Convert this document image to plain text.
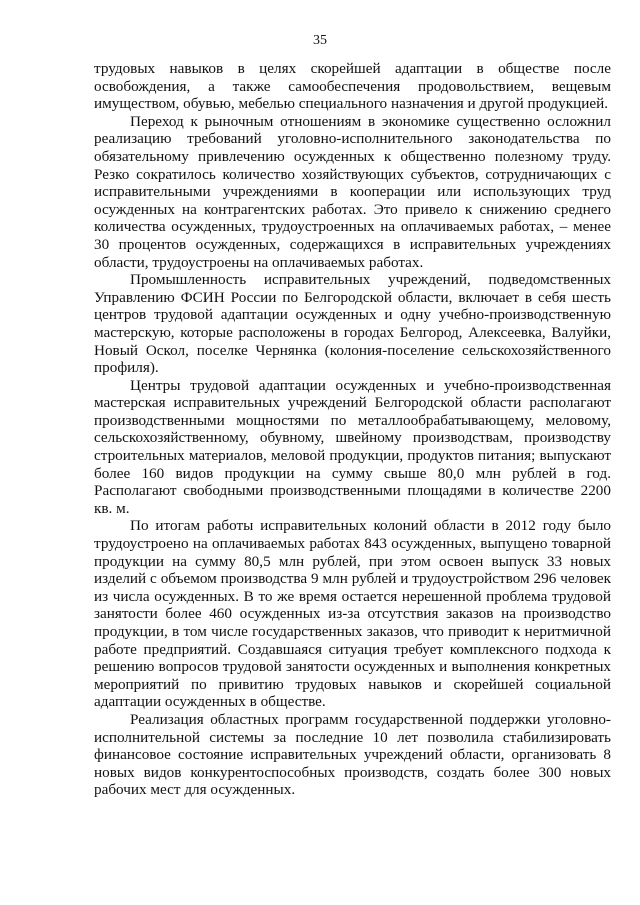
35

трудовых навыков в целях скорейшей адаптации в обществе после освобождения, а также самообеспечения продовольствием, вещевым имуществом, обувью, мебелью специального назначения и другой продукцией.

Переход к рыночным отношениям в экономике существенно осложнил реализацию требований уголовно-исполнительного законодательства по обязательному привлечению осужденных к общественно полезному труду. Резко сократилось количество хозяйствующих субъектов, сотрудничающих с исправительными учреждениями в кооперации или использующих труд осужденных на контрагентских работах. Это привело к снижению среднего количества осужденных, трудоустроенных на оплачиваемых работах, – менее 30 процентов осужденных, содержащихся в исправительных учреждениях области, трудоустроены на оплачиваемых работах.

Промышленность исправительных учреждений, подведомственных Управлению ФСИН России по Белгородской области, включает в себя шесть центров трудовой адаптации осужденных и одну учебно-производственную мастерскую, которые расположены в городах Белгород, Алексеевка, Валуйки, Новый Оскол, поселке Чернянка (колония-поселение сельскохозяйственного профиля).

Центры трудовой адаптации осужденных и учебно-производственная мастерская исправительных учреждений Белгородской области располагают производственными мощностями по металлообрабатывающему, меловому, сельскохозяйственному, обувному, швейному производствам, производству строительных материалов, меловой продукции, продуктов питания; выпускают более 160 видов продукции на сумму свыше 80,0 млн рублей в год. Располагают свободными производственными площадями в количестве 2200 кв. м.

По итогам работы исправительных колоний области в 2012 году было трудоустроено на оплачиваемых работах 843 осужденных, выпущено товарной продукции на сумму 80,5 млн рублей, при этом освоен выпуск 33 новых изделий с объемом производства 9 млн рублей и трудоустройством 296 человек из числа осужденных. В то же время остается нерешенной проблема трудовой занятости более 460 осужденных из-за отсутствия заказов на производство продукции, в том числе государственных заказов, что приводит к неритмичной работе предприятий. Создавшаяся ситуация требует комплексного подхода к решению вопросов трудовой занятости осужденных и выполнения конкретных мероприятий по привитию трудовых навыков и скорейшей социальной адаптации осужденных в обществе.

Реализация областных программ государственной поддержки уголовно-исполнительной системы за последние 10 лет позволила стабилизировать финансовое состояние исправительных учреждений области, организовать 8 новых видов конкурентоспособных производств, создать более 300 новых рабочих мест для осужденных.
